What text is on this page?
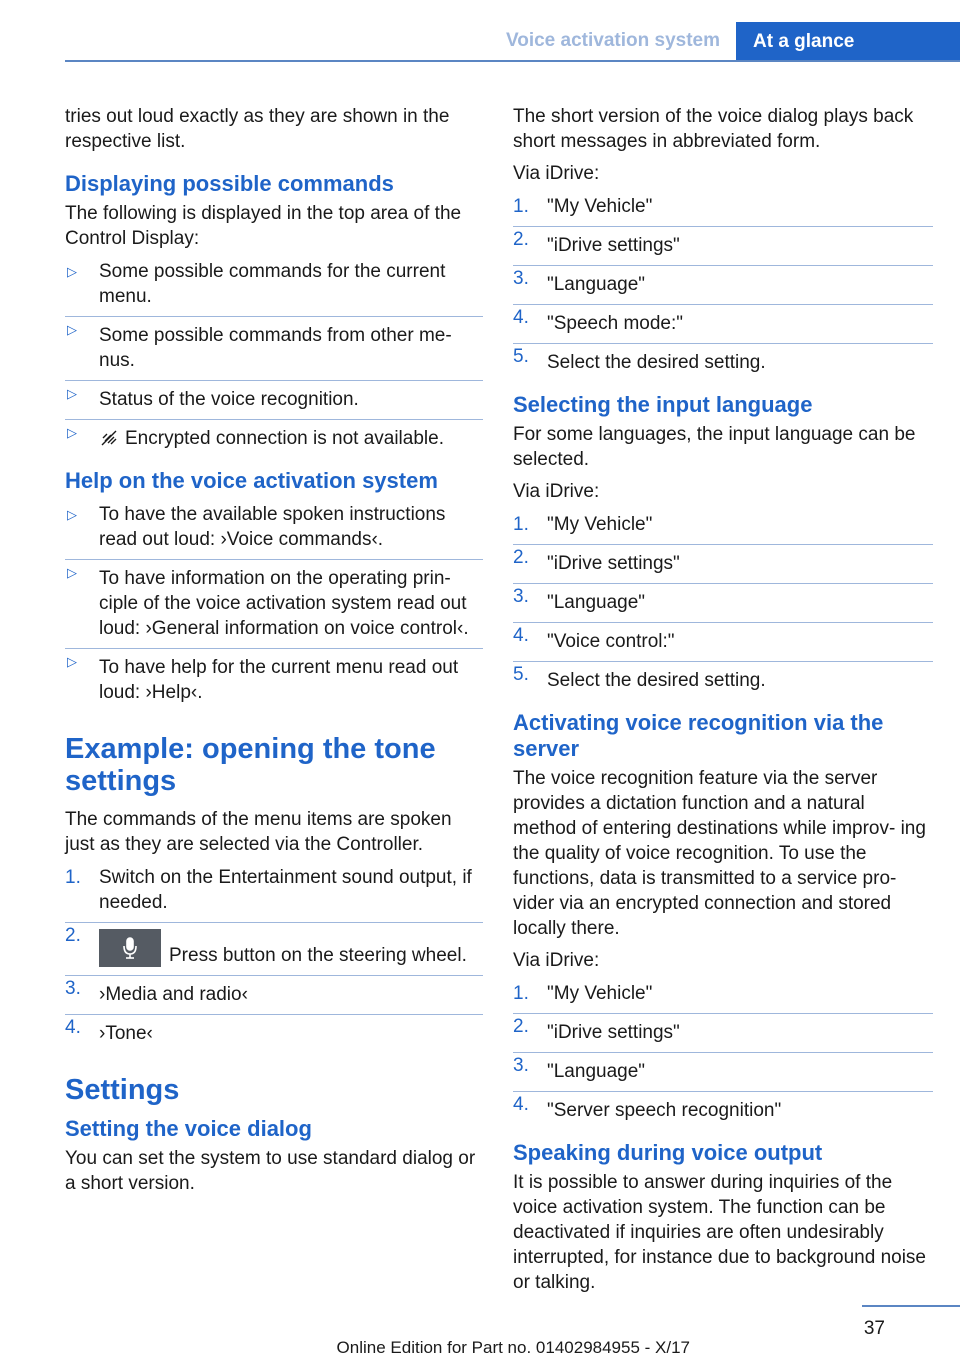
Voice activation system	At a glance

tries out loud exactly as they are shown in the respective list.

Displaying possible commands

The following is displayed in the top area of the Control Display:

▷ Some possible commands for the current menu.
▷ Some possible commands from other me- nus.
▷ Status of the voice recognition.
▷ Encrypted connection is not available.
Help on the voice activation system
▷ To have the available spoken instructions read out loud: ›Voice commands‹.
▷ To have information on the operating prin- ciple of the voice activation system read out loud: ›General information on voice control‹.
▷ To have help for the current menu read out loud: ›Help‹.
Example: opening the tone settings

The commands of the menu items are spoken just as they are selected via the Controller.

1. Switch on the Entertainment sound output, if needed.
2.
Press button on the steering wheel.
3. ›Media and radio‹
4. ›Tone‹
Settings
Setting the voice dialog

You can set the system to use standard dialog or a short version.

The short version of the voice dialog plays back short messages in abbreviated form.

Via iDrive:

1. "My Vehicle"
2. "iDrive settings"
3. "Language"
4. "Speech mode:"
5. Select the desired setting.
Selecting the input language

For some languages, the input language can be selected.

Via iDrive:

1. "My Vehicle"
2. "iDrive settings"
3. "Language"
4. "Voice control:"
5. Select the desired setting.
Activating voice recognition via the server

The voice recognition feature via the server provides a dictation function and a natural method of entering destinations while improv- ing the quality of voice recognition. To use the functions, data is transmitted to a service pro- vider via an encrypted connection and stored locally there.

Via iDrive:

1. "My Vehicle"
2. "iDrive settings"
3. "Language"
4. "Server speech recognition"
Speaking during voice output

It is possible to answer during inquiries of the voice activation system. The function can be deactivated if inquiries are often undesirably interrupted, for instance due to background noise or talking.

37
Online Edition for Part no. 01402984955 - X/17
